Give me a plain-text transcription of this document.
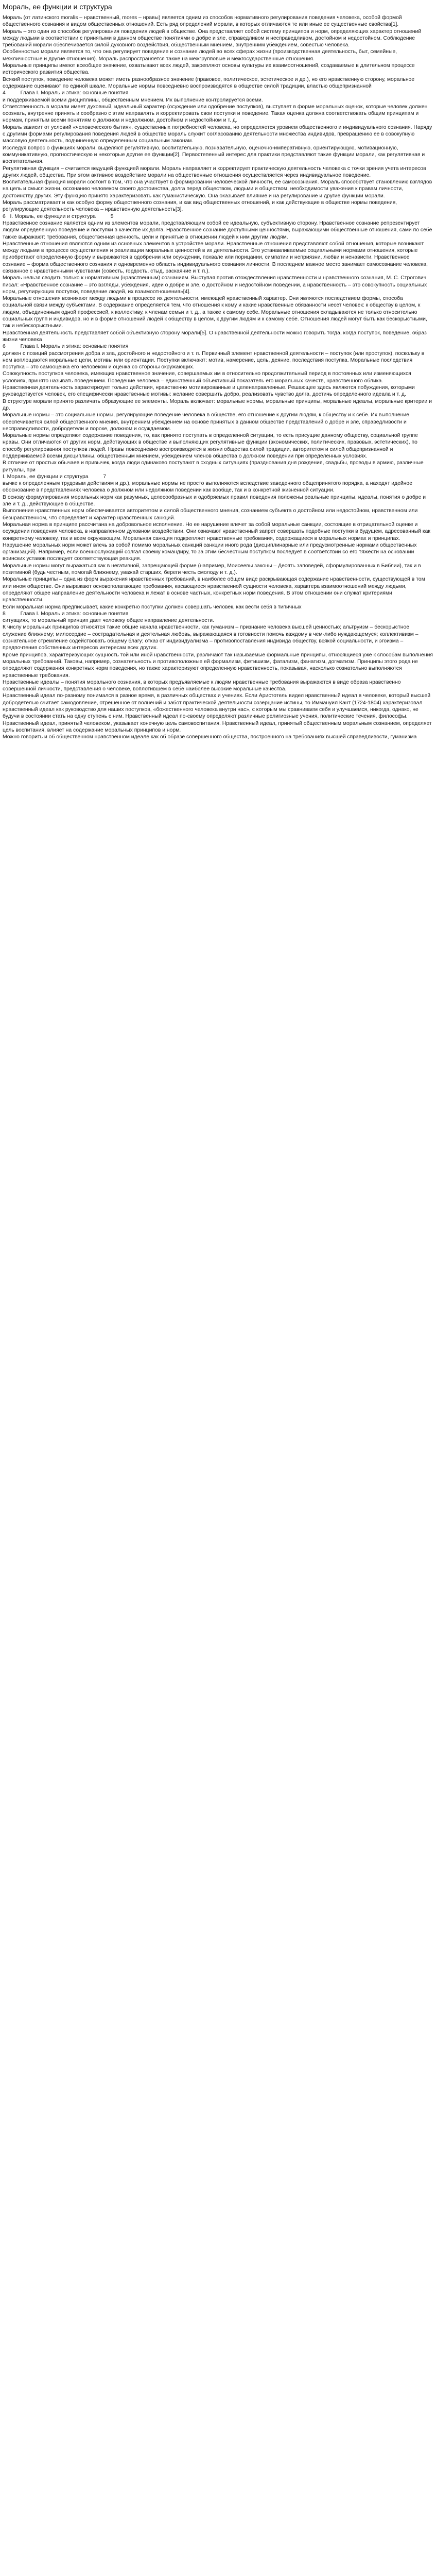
Мораль, ее функции и структура

Мораль (от латинского moralis – нравственный, mores – нравы) является одним из способов нормативного регулирования поведения человека, особой формой общественного сознания и видом общественных отношений. Есть ряд определений морали, в которых отличаются те или иные ее существенные свойства[1].

Мораль – это один из способов регулирования поведения людей в обществе. Она представляет собой систему принципов и норм, определяющих характер отношений между людьми в соответствии с принятыми в данном обществе понятиями о добре и зле, справедливом и несправедливом, достойном и недостойном. Соблюдение требований морали обеспечивается силой духовного воздействия, общественным мнением, внутренним убеждением, совестью человека.

Особенностью морали является то, что она регулирует поведение и сознание людей во всех сферах жизни (производственная деятельность, быт, семейные, межличностные и другие отношения). Мораль распространяется также на межгрупповые и межгосударственные отношения.

Моральные принципы имеют всеобщее значение, охватывают всех людей, закрепляют основы культуры их взаимоотношений, создаваемые в длительном процессе исторического развития общества.

Всякий поступок, поведение человека может иметь разнообразное значение (правовое, политическое, эстетическое и др.), но его нравственную сторону, моральное содержание оценивают по единой шкале. Моральные нормы повседневно воспроизводятся в обществе силой традиции, властью общепризнанной

4          Глава I. Мораль и этика: основные понятия

и поддерживаемой всеми дисциплины, общественным мнением. Их выполнение контролируется всеми.

Ответственность в морали имеет духовный, идеальный характер (осуждение или одобрение поступков), выступает в форме моральных оценок, которые человек должен осознать, внутренне принять и сообразно с этим направлять и корректировать свои поступки и поведение. Такая оценка должна соответствовать общим принципам и нормам, принятым всеми понятиям о должном и недолжном, достойном и недостойном и т. д.

Мораль зависит от условий «человеческого бытия», существенных потребностей человека, но определяется уровнем общественного и индивидуального сознания. Наряду с другими формами регулирования поведения людей в обществе мораль служит согласованию деятельности множества индивидов, превращению ее в совокупную массовую деятельность, подчиненную определенным социальным законам.

Исследуя вопрос о функциях морали, выделяют регулятивную, воспитательную, познавательную, оценочно-императивную, ориентирующую, мотивационную, коммуникативную, прогностическую и некоторые другие ее функции[2]. Первостепенный интерес для практики представляют такие функции морали, как регулятивная и воспитательная.

Регулятивная функция – считается ведущей функцией морали. Мораль направляет и корректирует практическую деятельность человека с точки зрения учета интересов других людей, общества. При этом активное воздействие морали на общественные отношения осуществляется через индивидуальное поведение.

Воспитательная функция морали состоит в том, что она участвует в формировании человеческой личности, ее самосознания. Мораль способствует становлению взглядов на цель и смысл жизни, осознанию человеком своего достоинства, долга перед обществом, людьми и обществом, необходимости уважения к правам личности, достоинству других. Эту функцию принято характеризовать как гуманистическую. Она оказывает влияние и на регулирование и другие функции морали.

Мораль рассматривает и как особую форму общественного сознания, и как вид общественных отношений, и как действующие в обществе нормы поведения, регулирующие деятельность человека – нравственную деятельность[3].

6   I. Мораль, ее функции и структура          5

Нравственное сознание является одним из элементов морали, представляющим собой ее идеальную, субъективную сторону. Нравственное сознание репрезентирует людям определенную поведение и поступки в качестве их долга. Нравственное сознание доступными ценностями, выражающими общественные отношения, сами по себе также выражают: требования, общественная ценность, цели и принятые в отношении людей к ним другим людям.

Нравственные отношения являются одним из основных элементов в устройстве морали. Нравственные отношения представляют собой отношения, которые возникают между людьми в процессе осуществления и реализации моральных ценностей в их деятельности. Это устанавливаемые социальными нормами отношения, которые приобретают определенную форму и выражаются в одобрении или осуждении, похвале или порицании, симпатии и неприязни, любви и ненависти. Нравственное сознание – форма общественного сознания и одновременно область индивидуального сознания личности. В последнем важное место занимает самосознание человека, связанное с нравственными чувствами (совесть, гордость, стыд, раскаяние и т. п.).

Мораль нельзя сводить только к нормативным (нравственным) сознаниям. Выступая против отождествления нравственности и нравственного сознания, М. С. Строгович писал: «Нравственное сознание – это взгляды, убеждения, идеи о добре и зле, о достойном и недостойном поведении, а нравственность – это совокупность социальных норм, регулирующих поступки, поведение людей, их взаимоотношения»[4].

Моральные отношения возникают между людьми в процессе их деятельности, имеющей нравственный характер. Они являются последствием формы, способа социальной связи между субъектами. В содержание определяется тем, что отношения к кому и какие нравственные обязанности несет человек: к обществу в целом, к людям, объединенным одной профессией, к коллективу, к членам семьи и т. д., а также к самому себе. Моральные отношения складываются не только относительно социальных групп и индивидов, но и в форме отношений людей к обществу в целом, к другим людям и к самому себе. Отношения людей могут быть как бескорыстными, так и небескорыстными.

Нравственная деятельность представляет собой объективную сторону морали[5]. О нравственной деятельности можно говорить тогда, когда поступок, поведение, образ жизни человека

6          Глава I. Мораль и этика: основные понятия

должен с позиций рассмотрения добра и зла, достойного и недостойного и т. п. Первичный элемент нравственной деятельности – поступок (или проступок), поскольку в нем воплощаются моральные цели, мотивы или ориентации. Поступки включают: мотив, намерение, цель, деяние, последствия поступка. Моральные последствия поступка – это самооценка его человеком и оценка со стороны окружающих.

Совокупность поступков человека, имеющих нравственное значение, совершаемых им в относительно продолжительный период в постоянных или изменяющихся условиях, принято называть поведением. Поведение человека – единственный объективный показатель его моральных качеств, нравственного облика.

Нравственная деятельность характеризует только действия, нравственно мотивированные и целенаправленные. Решающее здесь являются побуждения, которыми руководствуется человек, его специфически нравственные мотивы: желание совершить добро, реализовать чувство долга, достичь определенного идеала и т. д.

В структуре морали принято различать образующие ее элементы. Мораль включает: моральные нормы, моральные принципы, моральные идеалы, моральные критерии и др.

Моральные нормы – это социальные нормы, регулирующие поведение человека в обществе, его отношение к другим людям, к обществу и к себе. Их выполнение обеспечивается силой общественного мнения, внутренним убеждением на основе принятых в данном обществе представлений о добре и зле, справедливости и несправедливости, добродетели и пороке, должном и осуждаемом.

Моральные нормы определяют содержание поведения, то, как принято поступать в определенной ситуации, то есть присущие данному обществу, социальной группе нравы. Они отличаются от других норм, действующих в обществе и выполняющих регулятивные функции (экономических, политических, правовых, эстетических), по способу регулирования поступков людей. Нравы повседневно воспроизводятся в жизни общества силой традиции, авторитетом и силой общепризнанной и поддерживаемой всеми дисциплины, общественным мнением, убеждением членов общества о должном поведении при определенных условиях.

В отличие от простых обычаев и привычек, когда люди одинаково поступают в сходных ситуациях (празднования дня рождения, свадьбы, проводы в армию, различные ритуалы, при

I. Мораль, ее функции и структура          7

вычке к определенным трудовым действиям и др.), моральные нормы не просто выполняются вследствие заведенного общепринятого порядка, а находят идейное обоснование в представлениях человека о должном или недолжном поведении как вообще, так и в конкретной жизненной ситуации.

В основу формулирования моральных норм как разумных, целесообразных и одобряемых правил поведения положены реальные принципы, идеалы, понятия о добре и зле и т. д., действующие в обществе.

Выполнение нравственных норм обеспечивается авторитетом и силой общественного мнения, сознанием субъекта о достойном или недостойном, нравственном или безнравственном, что определяет и характер нравственных санкций.

Моральная норма в принципе рассчитана на добровольное исполнение. Но ее нарушение влечет за собой моральные санкции, состоящие в отрицательной оценке и осуждении поведения человека, в направленном духовном воздействии. Они означают нравственный запрет совершать подобные поступки в будущем, адресованный как конкретному человеку, так и всем окружающим. Моральная санкция подкрепляет нравственные требования, содержащиеся в моральных нормах и принципах.

Нарушение моральных норм может влечь за собой помимо моральных санкций санкции иного рода (дисциплинарные или предусмотренные нормами общественных организаций). Например, если военнослужащий солгал своему командиру, то за этим бесчестным поступком последует в соответствии со его тяжести на основании воинских уставов последует соответствующая реакция.

Моральные нормы могут выражаться как в негативной, запрещающей форме (например, Моисеевы законы – Десять заповедей, сформулированных в Библии), так и в позитивной (будь честным, помогай ближнему, уважай старших, береги честь смолоду и т. д.).

Моральные принципы – одна из форм выражения нравственных требований, в наиболее общем виде раскрывающая содержание нравственности, существующей в том или ином обществе. Они выражают основополагающие требования, касающиеся нравственной сущности человека, характера взаимоотношений между людьми, определяют общее направление деятельности человека и лежат в основе частных, конкретных норм поведения. В этом отношении они служат критериями нравственности.

Если моральная норма предписывает, какие конкретно поступки должен совершать человек, как вести себя в типичных

8          Глава I. Мораль и этика: основные понятия

ситуациях, то моральный принцип дает человеку общее направление деятельности.

К числу моральных принципов относятся такие общие начала нравственности, как гуманизм – признание человека высшей ценностью; альтруизм – бескорыстное служение ближнему; милосердие – сострадательная и деятельная любовь, выражающаяся в готовности помочь каждому в чем-либо нуждающемуся; коллективизм – сознательное стремление содействовать общему благу; отказ от индивидуализма – противопоставления индивида обществу, всякой социальности, и эгоизма – предпочтения собственных интересов интересам всех других.

Кроме принципов, характеризующих сущность той или иной нравственности, различают так называемые формальные принципы, относящиеся уже к способам выполнения моральных требований. Таковы, например, сознательность и противоположные ей формализм, фетишизм, фатализм, фанатизм, догматизм. Принципы этого рода не определяют содержания конкретных норм поведения, но также характеризуют определенную нравственность, показывая, насколько сознательно выполняются нравственные требования.

Нравственные идеалы – понятия морального сознания, в которых предъявляемые к людям нравственные требования выражаются в виде образа нравственно совершенной личности, представления о человеке, воплотившем в себе наиболее высокие моральные качества.

Нравственный идеал по-разному понимался в разное время, в различных обществах и учениях. Если Аристотель видел нравственный идеал в человеке, который высшей добродетелью считает самодовление, отрешенное от волнений и забот практической деятельности созерцание истины, то Иммануил Кант (1724-1804) характеризовал нравственный идеал как руководство для наших поступков, «божественного человека внутри нас», с которым мы сравниваем себя и улучшаемся, никогда, однако, не будучи в состоянии стать на одну ступень с ним. Нравственный идеал по-своему определяют различные религиозные учения, политические течения, философы.

Нравственный идеал, принятый человеком, указывает конечную цель самовоспитания. Нравственный идеал, принятый общественным моральным сознанием, определяет цель воспитания, влияет на содержание моральных принципов и норм.

Можно говорить и об общественном нравственном идеале как об образе совершенного общества, построенного на требованиях высшей справедливости, гуманизма
